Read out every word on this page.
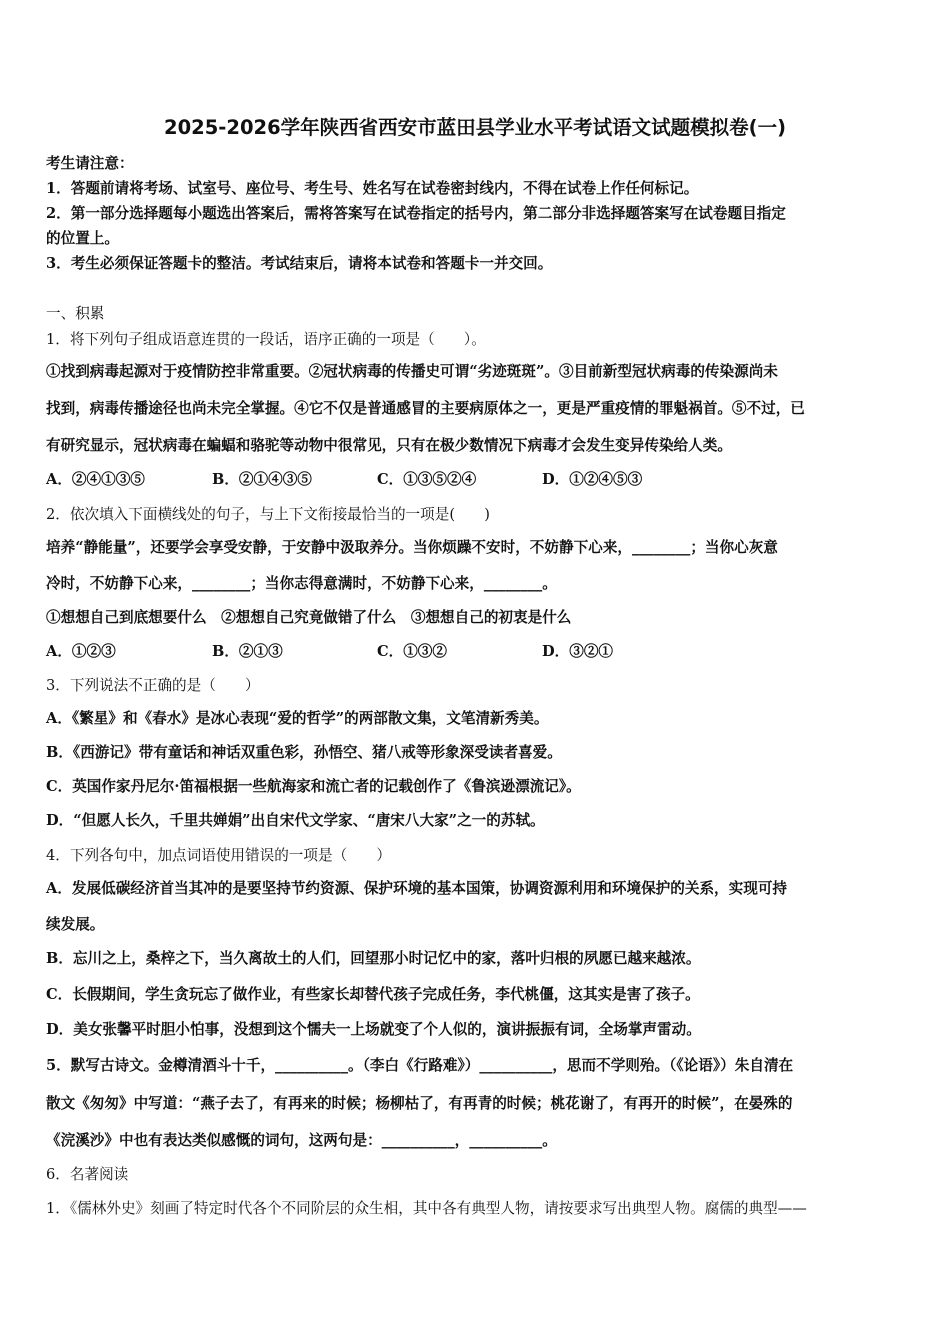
2025-2026学年陕西省西安市蓝田县学业水平考试语文试题模拟卷(一)
考生请注意：
1．答题前请将考场、试室号、座位号、考生号、姓名写在试卷密封线内，不得在试卷上作任何标记。
2．第一部分选择题每小题选出答案后，需将答案写在试卷指定的括号内，第二部分非选择题答案写在试卷题目指定
的位置上。
3．考生必须保证答题卡的整洁。考试结束后，请将本试卷和答题卡一并交回。
一、积累
1．将下列句子组成语意连贯的一段话，语序正确的一项是（　　）。
①找到病毒起源对于疫情防控非常重要。②冠状病毒的传播史可谓“劣迹斑斑”。③目前新型冠状病毒的传染源尚未
找到，病毒传播途径也尚未完全掌握。④它不仅是普通感冒的主要病原体之一，更是严重疫情的罪魁祸首。⑤不过，已
有研究显示，冠状病毒在蝙蝠和骆驼等动物中很常见，只有在极少数情况下病毒才会发生变异传染给人类。
A．②④①③⑤	B．②①④③⑤	C．①③⑤②④	D．①②④⑤③
2．依次填入下面横线处的句子，与上下文衔接最恰当的一项是(　　)
培养“静能量”，还要学会享受安静，于安静中汲取养分。当你烦躁不安时，不妨静下心来，________；当你心灰意
冷时，不妨静下心来，________；当你志得意满时，不妨静下心来，________。
①想想自己到底想要什么　②想想自己究竟做错了什么　③想想自己的初衷是什么
A．①②③	B．②①③	C．①③②	D．③②①
3．下列说法不正确的是（　　）
A．《繁星》和《春水》是冰心表现“爱的哲学”的两部散文集，文笔清新秀美。
B．《西游记》带有童话和神话双重色彩，孙悟空、猪八戒等形象深受读者喜爱。
C．英国作家丹尼尔·笛福根据一些航海家和流亡者的记载创作了《鲁滨逊漂流记》。
D．“但愿人长久，千里共婵娟”出自宋代文学家、“唐宋八大家”之一的苏轼。
4．下列各句中，加点词语使用错误的一项是（　　）
A．发展低碳经济首当其冲的是要坚持节约资源、保护环境的基本国策，协调资源利用和环境保护的关系，实现可持
续发展。
B．忘川之上，桑梓之下，当久离故土的人们，回望那小时记忆中的家，落叶归根的夙愿已越来越浓。
C．长假期间，学生贪玩忘了做作业，有些家长却替代孩子完成任务，李代桃僵，这其实是害了孩子。
D．美女张馨平时胆小怕事，没想到这个懦夫一上场就变了个人似的，演讲振振有词，全场掌声雷动。
5．默写古诗文。金樽清酒斗十千，__________。（李白《行路难》）__________，思而不学则殆。（《论语》）朱自清在
散文《匆匆》中写道：“燕子去了，有再来的时候；杨柳枯了，有再青的时候；桃花谢了，有再开的时候”，在晏殊的
《浣溪沙》中也有表达类似感慨的词句，这两句是：__________，__________。
6．名著阅读
1．《儒林外史》刻画了特定时代各个不同阶层的众生相，其中各有典型人物，请按要求写出典型人物。腐儒的典型——
